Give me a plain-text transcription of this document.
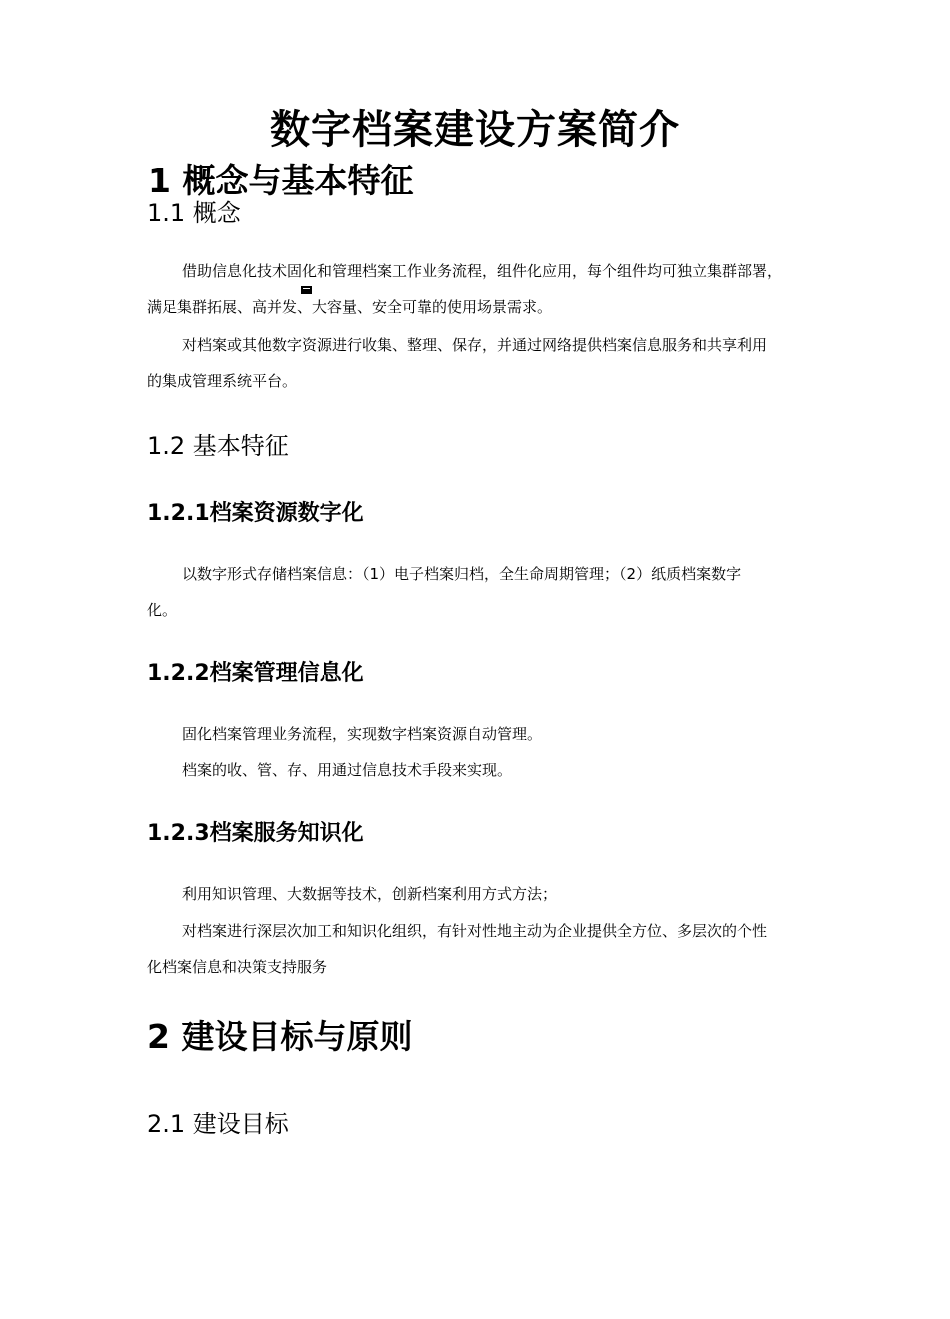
数字档案建设方案简介
1 概念与基本特征
1.1 概念
借助信息化技术固化和管理档案工作业务流程，组件化应用，每个组件均可独立集群部署，
满足集群拓展、高并发、大容量、安全可靠的使用场景需求。
对档案或其他数字资源进行收集、整理、保存，并通过网络提供档案信息服务和共享利用
的集成管理系统平台。
1.2 基本特征
1.2.1档案资源数字化
以数字形式存储档案信息：（1）电子档案归档，全生命周期管理；（2）纸质档案数字
化。
1.2.2档案管理信息化
固化档案管理业务流程，实现数字档案资源自动管理。
档案的收、管、存、用通过信息技术手段来实现。
1.2.3档案服务知识化
利用知识管理、大数据等技术，创新档案利用方式方法；
对档案进行深层次加工和知识化组织，有针对性地主动为企业提供全方位、多层次的个性
化档案信息和决策支持服务
2 建设目标与原则
2.1 建设目标
